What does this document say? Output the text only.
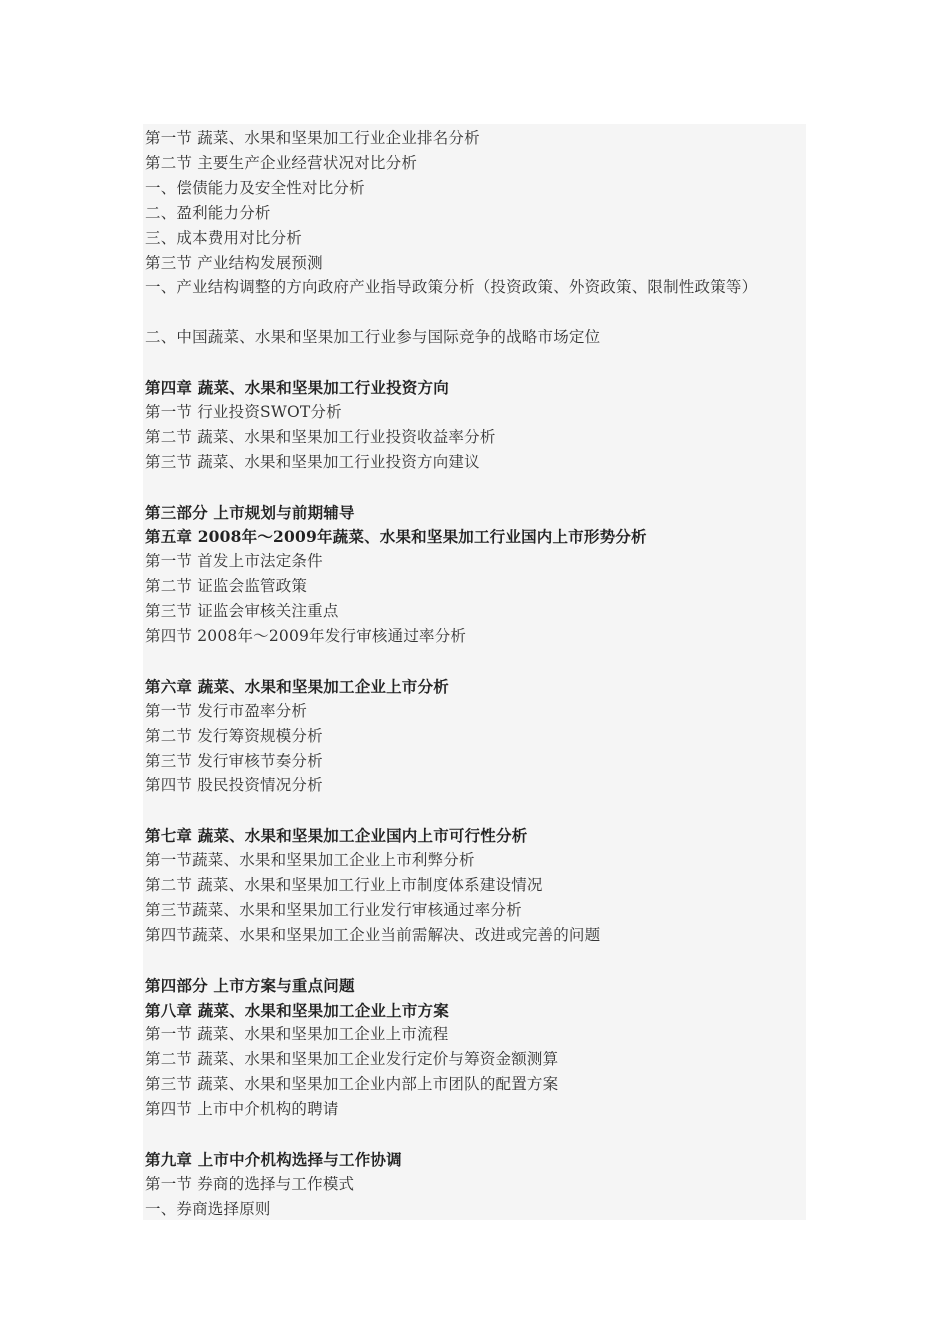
第一节 蔬菜、水果和坚果加工行业企业排名分析
第二节 主要生产企业经营状况对比分析
一、偿债能力及安全性对比分析
二、盈利能力分析
三、成本费用对比分析
第三节 产业结构发展预测
一、产业结构调整的方向政府产业指导政策分析（投资政策、外资政策、限制性政策等）
二、中国蔬菜、水果和坚果加工行业参与国际竞争的战略市场定位
第四章 蔬菜、水果和坚果加工行业投资方向
第一节 行业投资SWOT分析
第二节 蔬菜、水果和坚果加工行业投资收益率分析
第三节 蔬菜、水果和坚果加工行业投资方向建议
第三部分 上市规划与前期辅导
第五章 2008年～2009年蔬菜、水果和坚果加工行业国内上市形势分析
第一节 首发上市法定条件
第二节 证监会监管政策
第三节 证监会审核关注重点
第四节 2008年～2009年发行审核通过率分析
第六章 蔬菜、水果和坚果加工企业上市分析
第一节 发行市盈率分析
第二节 发行筹资规模分析
第三节 发行审核节奏分析
第四节 股民投资情况分析
第七章 蔬菜、水果和坚果加工企业国内上市可行性分析
第一节蔬菜、水果和坚果加工企业上市利弊分析
第二节 蔬菜、水果和坚果加工行业上市制度体系建设情况
第三节蔬菜、水果和坚果加工行业发行审核通过率分析
第四节蔬菜、水果和坚果加工企业当前需解决、改进或完善的问题
第四部分 上市方案与重点问题
第八章 蔬菜、水果和坚果加工企业上市方案
第一节 蔬菜、水果和坚果加工企业上市流程
第二节 蔬菜、水果和坚果加工企业发行定价与筹资金额测算
第三节 蔬菜、水果和坚果加工企业内部上市团队的配置方案
第四节 上市中介机构的聘请
第九章 上市中介机构选择与工作协调
第一节 券商的选择与工作模式
一、券商选择原则
